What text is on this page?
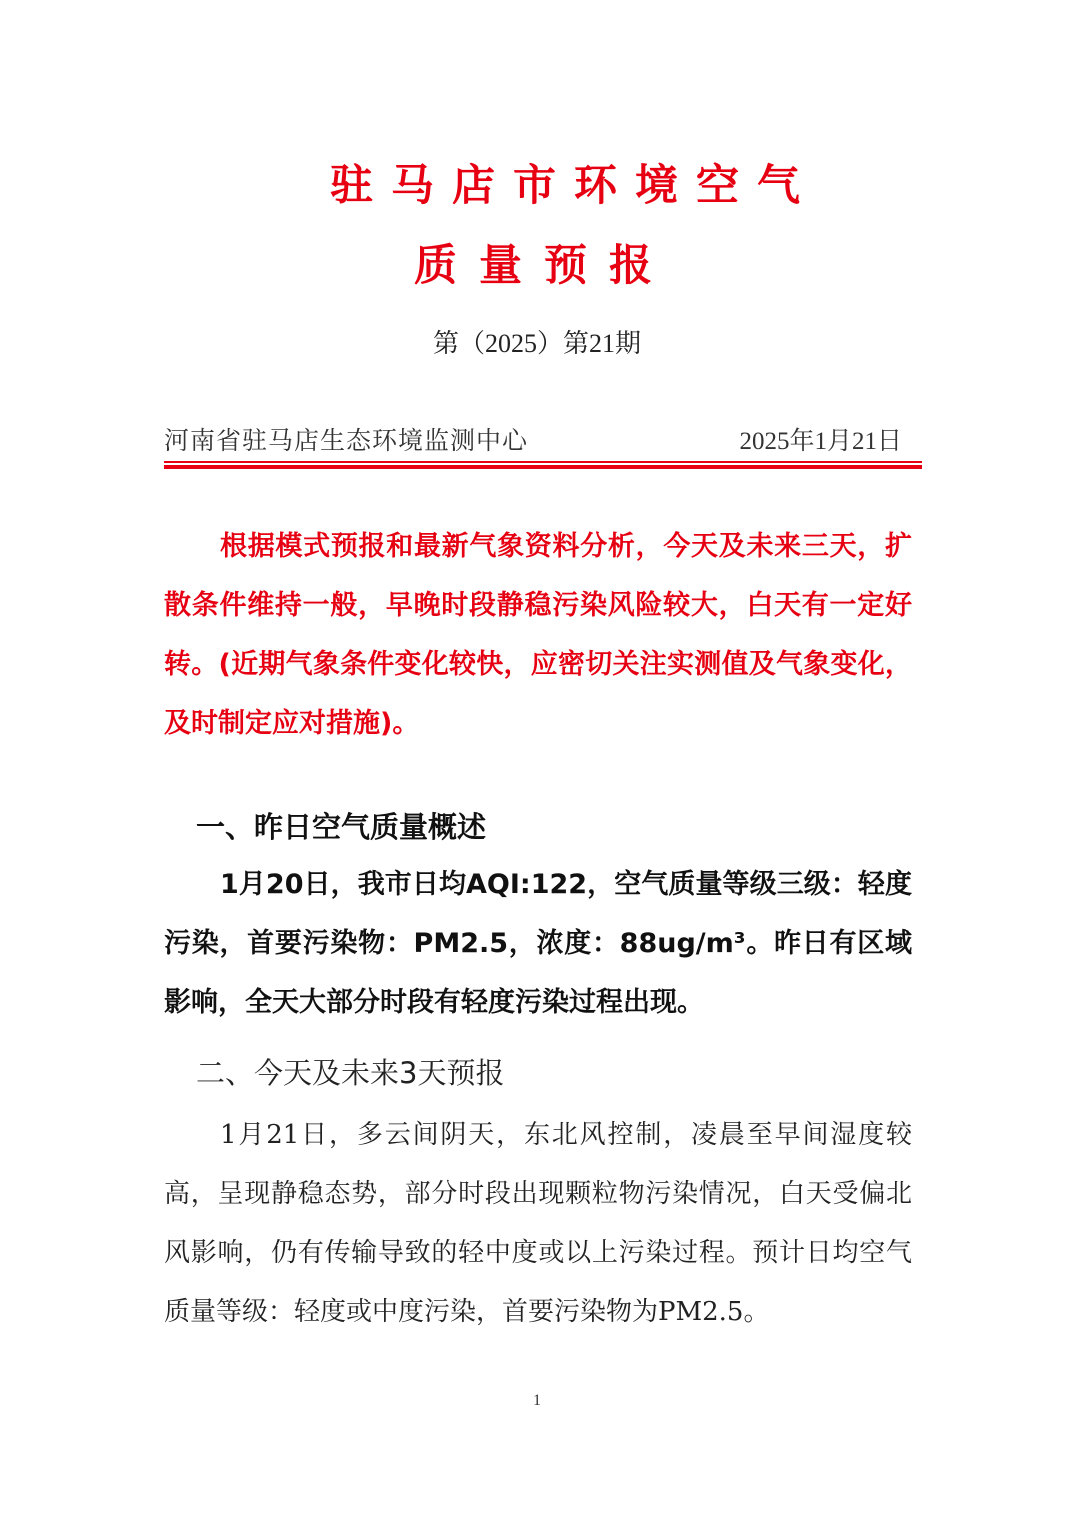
驻马店市环境空气
质量预报
第（2025）第21期
河南省驻马店生态环境监测中心	2025年1月21日
根据模式预报和最新气象资料分析，今天及未来三天，扩散条件维持一般，早晚时段静稳污染风险较大，白天有一定好转。(近期气象条件变化较快，应密切关注实测值及气象变化，及时制定应对措施)。
一、昨日空气质量概述
1月20日，我市日均AQI:122，空气质量等级三级：轻度污染，首要污染物：PM2.5，浓度：88ug/m³。昨日有区域影响，全天大部分时段有轻度污染过程出现。
二、今天及未来3天预报
1月21日，多云间阴天，东北风控制，凌晨至早间湿度较高，呈现静稳态势，部分时段出现颗粒物污染情况，白天受偏北风影响，仍有传输导致的轻中度或以上污染过程。预计日均空气质量等级：轻度或中度污染，首要污染物为PM2.5。
1
